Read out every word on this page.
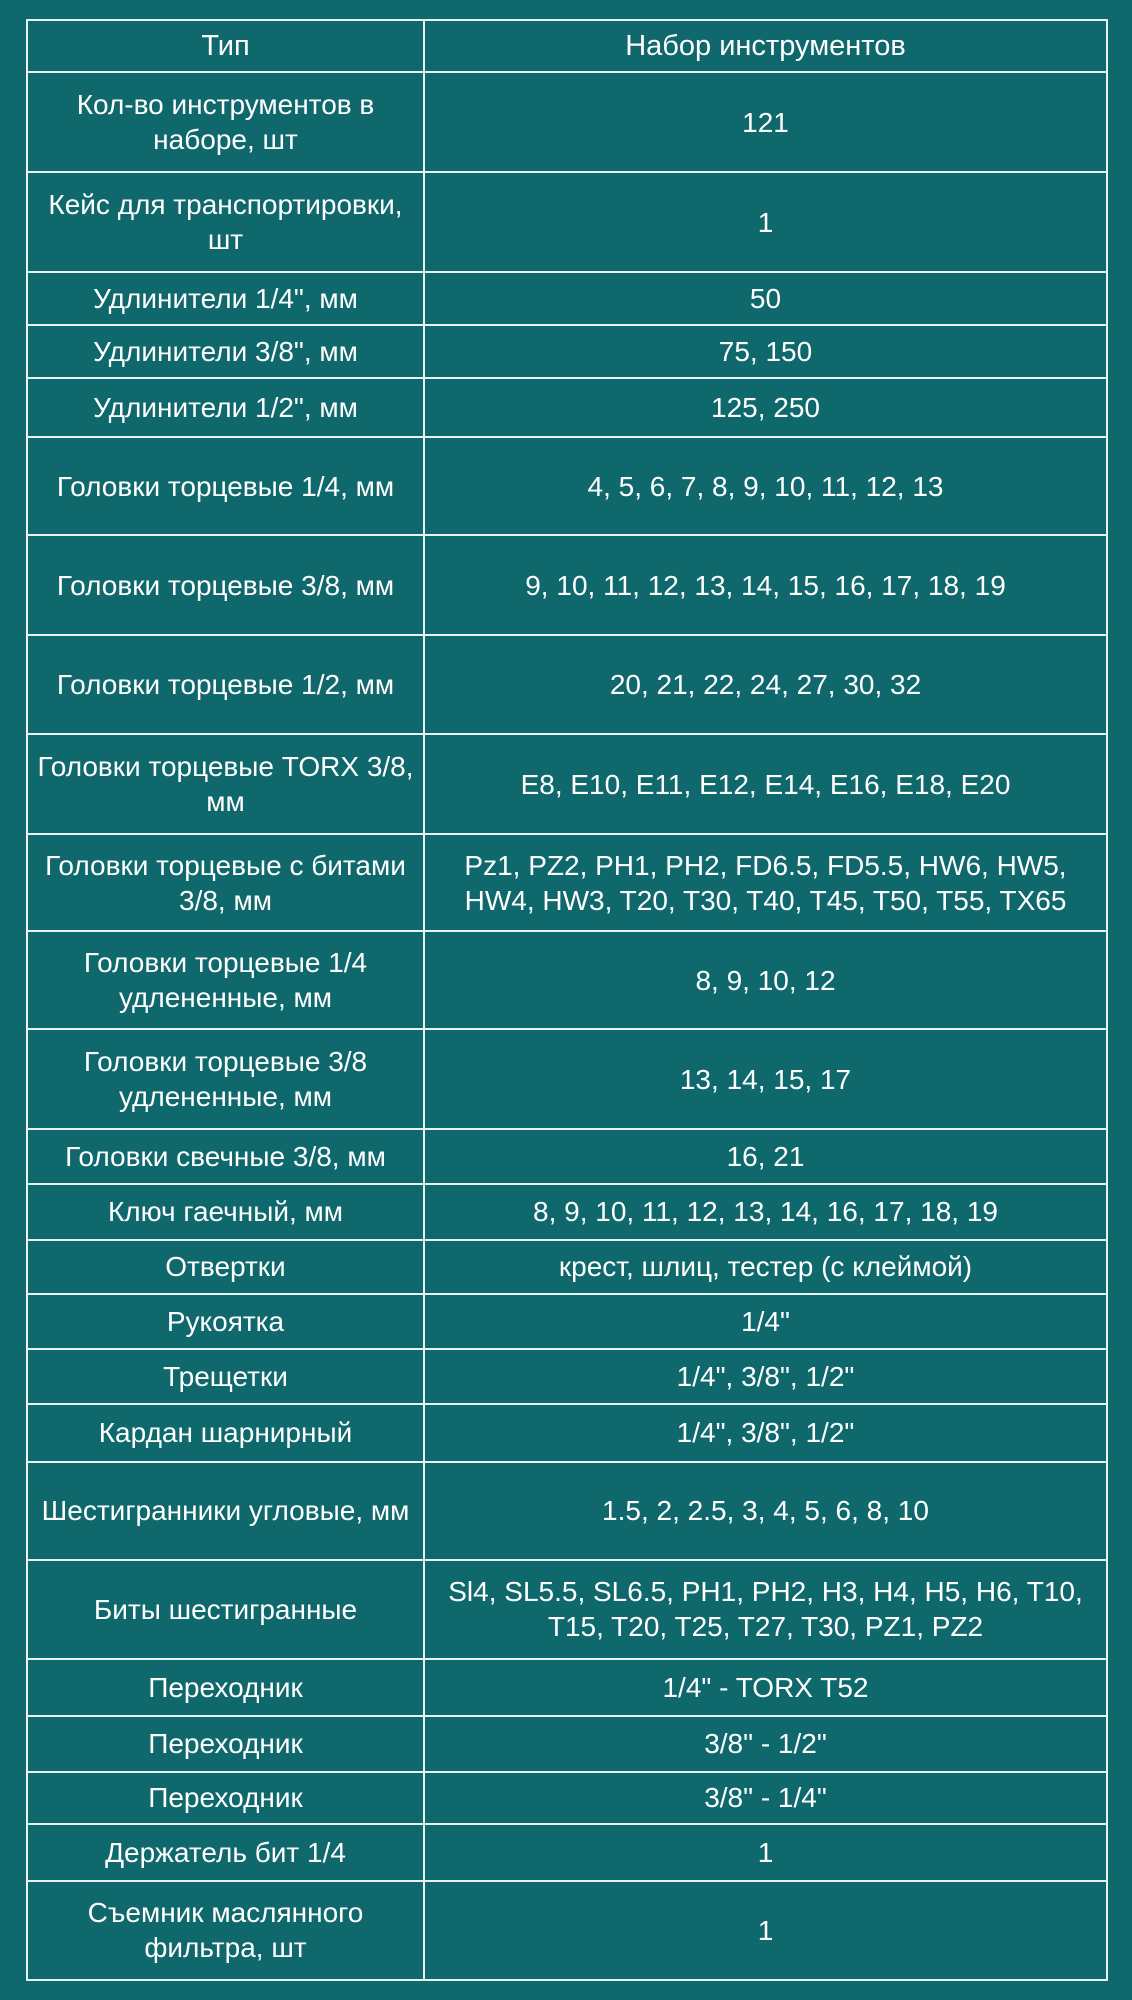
Тип	Набор инструментов
Кол-во инструментов в наборе, шт	121
Кейс для транспортировки, шт	1
Удлинители 1/4", мм	50
Удлинители 3/8", мм	75, 150
Удлинители 1/2", мм	125, 250
Головки торцевые 1/4, мм	4, 5, 6, 7, 8, 9, 10, 11, 12, 13
Головки торцевые 3/8, мм	9, 10, 11, 12, 13, 14, 15, 16, 17, 18, 19
Головки торцевые 1/2, мм	20, 21, 22, 24, 27, 30, 32
Головки торцевые TORX 3/8, мм	E8, E10, E11, E12, E14, E16, E18, E20
Головки торцевые с битами 3/8, мм	Pz1, PZ2, PH1, PH2, FD6.5, FD5.5, HW6, HW5, HW4, HW3, T20, T30, T40, T45, T50, T55, TX65
Головки торцевые 1/4 удлененные, мм	8, 9, 10, 12
Головки торцевые 3/8 удлененные, мм	13, 14, 15, 17
Головки свечные 3/8, мм	16, 21
Ключ гаечный, мм	8, 9, 10, 11, 12, 13, 14, 16, 17, 18, 19
Отвертки	крест, шлиц, тестер (с клеймой)
Рукоятка	1/4"
Трещетки	1/4", 3/8", 1/2"
Кардан шарнирный	1/4", 3/8", 1/2"
Шестигранники угловые, мм	1.5, 2, 2.5, 3, 4, 5, 6, 8, 10
Биты шестигранные	Sl4, SL5.5, SL6.5, PH1, PH2, H3, H4, H5, H6, T10, T15, T20, T25, T27, T30, PZ1, PZ2
Переходник	1/4" - TORX T52
Переходник	3/8" - 1/2"
Переходник	3/8" - 1/4"
Держатель бит 1/4	1
Съемник маслянного фильтра, шт	1
